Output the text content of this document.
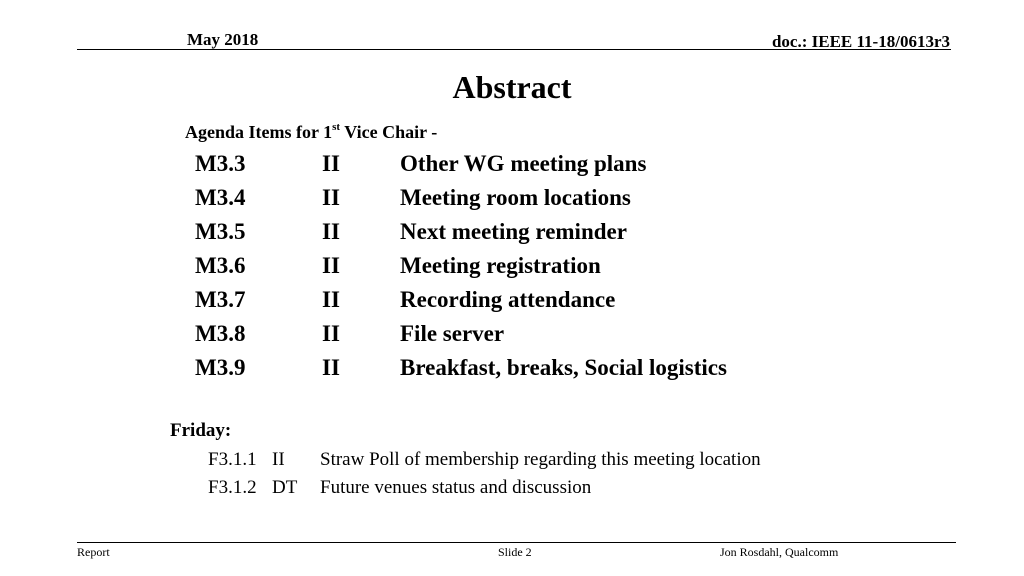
May 2018	doc.: IEEE 11-18/0613r3
Abstract
Agenda Items for 1st Vice Chair -
M3.3	II	Other WG meeting plans
M3.4	II	Meeting room locations
M3.5	II	Next meeting reminder
M3.6	II	Meeting registration
M3.7	II	Recording attendance
M3.8	II	File server
M3.9	II	Breakfast, breaks, Social logistics
Friday:
F3.1.1 II Straw Poll of membership regarding this meeting location
F3.1.2 DT Future venues status and discussion
Report	Slide 2	Jon Rosdahl, Qualcomm
